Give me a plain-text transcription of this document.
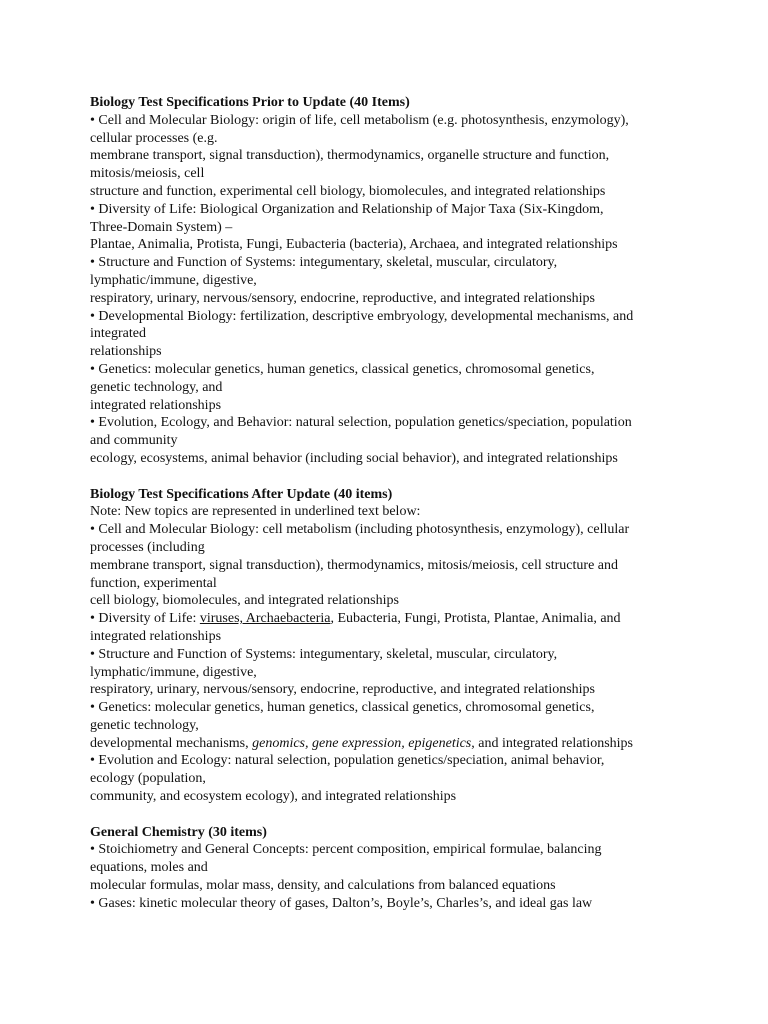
Biology Test Specifications Prior to Update (40 Items)
• Cell and Molecular Biology: origin of life, cell metabolism (e.g. photosynthesis, enzymology),
cellular processes (e.g.
membrane transport, signal transduction), thermodynamics, organelle structure and function,
mitosis/meiosis, cell
structure and function, experimental cell biology, biomolecules, and integrated relationships
• Diversity of Life: Biological Organization and Relationship of Major Taxa (Six-Kingdom,
Three-Domain System) –
Plantae, Animalia, Protista, Fungi, Eubacteria (bacteria), Archaea, and integrated relationships
• Structure and Function of Systems: integumentary, skeletal, muscular, circulatory,
lymphatic/immune, digestive,
respiratory, urinary, nervous/sensory, endocrine, reproductive, and integrated relationships
• Developmental Biology: fertilization, descriptive embryology, developmental mechanisms, and
integrated
relationships
• Genetics: molecular genetics, human genetics, classical genetics, chromosomal genetics,
genetic technology, and
integrated relationships
• Evolution, Ecology, and Behavior: natural selection, population genetics/speciation, population
and community
ecology, ecosystems, animal behavior (including social behavior), and integrated relationships
Biology Test Specifications After Update (40 items)
Note: New topics are represented in underlined text below:
• Cell and Molecular Biology: cell metabolism (including photosynthesis, enzymology), cellular
processes (including
membrane transport, signal transduction), thermodynamics, mitosis/meiosis, cell structure and
function, experimental
cell biology, biomolecules, and integrated relationships
• Diversity of Life: viruses, Archaebacteria, Eubacteria, Fungi, Protista, Plantae, Animalia, and
integrated relationships
• Structure and Function of Systems: integumentary, skeletal, muscular, circulatory,
lymphatic/immune, digestive,
respiratory, urinary, nervous/sensory, endocrine, reproductive, and integrated relationships
• Genetics: molecular genetics, human genetics, classical genetics, chromosomal genetics,
genetic technology,
developmental mechanisms, genomics, gene expression, epigenetics, and integrated relationships
• Evolution and Ecology: natural selection, population genetics/speciation, animal behavior,
ecology (population,
community, and ecosystem ecology), and integrated relationships
General Chemistry (30 items)
• Stoichiometry and General Concepts: percent composition, empirical formulae, balancing
equations, moles and
molecular formulas, molar mass, density, and calculations from balanced equations
• Gases: kinetic molecular theory of gases, Dalton’s, Boyle’s, Charles’s, and ideal gas law
